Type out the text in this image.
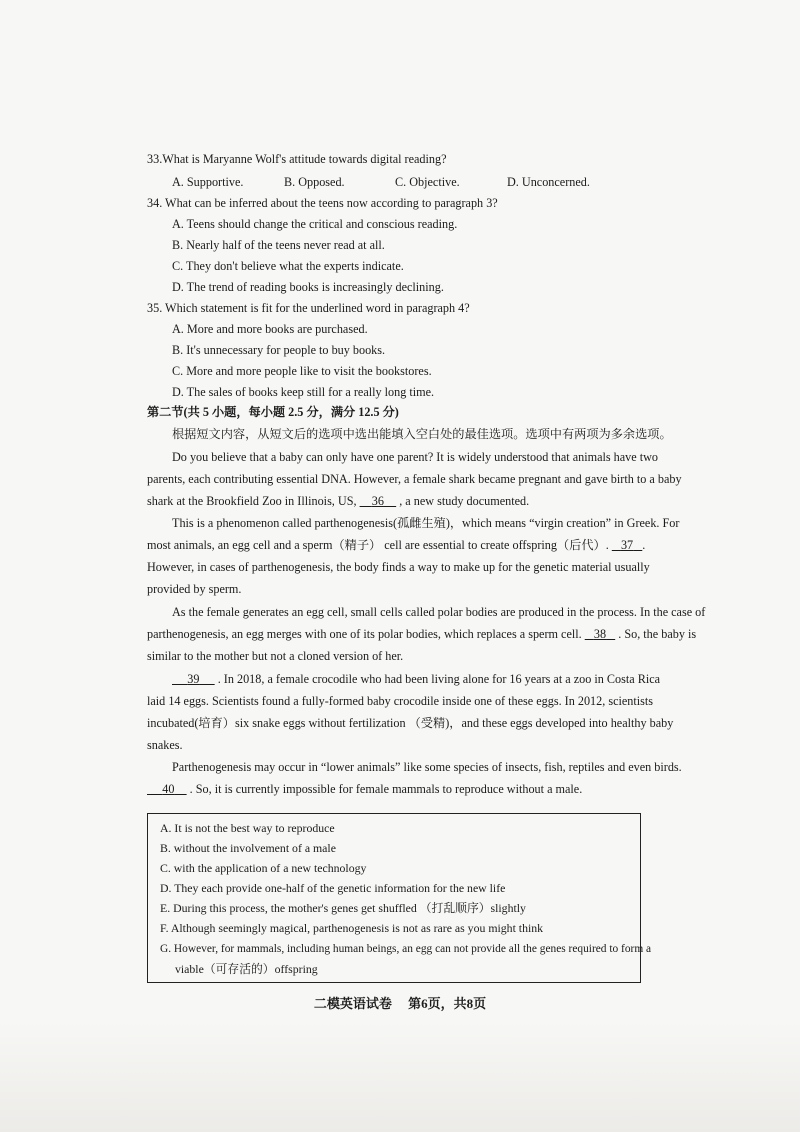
33.What is Maryanne Wolf's attitude towards digital reading?
A. Supportive.	B. Opposed.	C. Objective.	D. Unconcerned.
34. What can be inferred about the teens now according to paragraph 3?
A. Teens should change the critical and conscious reading.
B. Nearly half of the teens never read at all.
C. They don't believe what the experts indicate.
D. The trend of reading books is increasingly declining.
35. Which statement is fit for the underlined word in paragraph 4?
A. More and more books are purchased.
B. It's unnecessary for people to buy books.
C. More and more people like to visit the bookstores.
D. The sales of books keep still for a really long time.
第二节(共 5 小题，每小题 2.5 分，满分 12.5 分)
根据短文内容，从短文后的选项中选出能填入空白处的最佳选项。选项中有两项为多余选项。
Do you believe that a baby can only have one parent? It is widely understood that animals have two
parents, each contributing essential DNA. However, a female shark became pregnant and gave birth to a baby
shark at the Brookfield Zoo in Illinois, US, 36 , a new study documented.
This is a phenomenon called parthenogenesis(孤雌生殖)，which means “virgin creation” in Greek. For
most animals, an egg cell and a sperm（精子） cell are essential to create offspring（后代）. 37 .
However, in cases of parthenogenesis, the body finds a way to make up for the genetic material usually
provided by sperm.
As the female generates an egg cell, small cells called polar bodies are produced in the process. In the case of
parthenogenesis, an egg merges with one of its polar bodies, which replaces a sperm cell. 38 . So, the baby is
similar to the mother but not a cloned version of her.
39 . In 2018, a female crocodile who had been living alone for 16 years at a zoo in Costa Rica
laid 14 eggs. Scientists found a fully-formed baby crocodile inside one of these eggs. In 2012, scientists
incubated(培育）six snake eggs without fertilization （受精)，and these eggs developed into healthy baby
snakes.
Parthenogenesis may occur in “lower animals” like some species of insects, fish, reptiles and even birds.
40 . So, it is currently impossible for female mammals to reproduce without a male.
A. It is not the best way to reproduce
B. without the involvement of a male
C. with the application of a new technology
D. They each provide one-half of the genetic information for the new life
E. During this process, the mother's genes get shuffled （打乱顺序）slightly
F. Although seemingly magical, parthenogenesis is not as rare as you might think
G. However, for mammals, including human beings, an egg can not provide all the genes required to form a
viable（可存活的）offspring
二模英语试卷　 第6页，共8页
